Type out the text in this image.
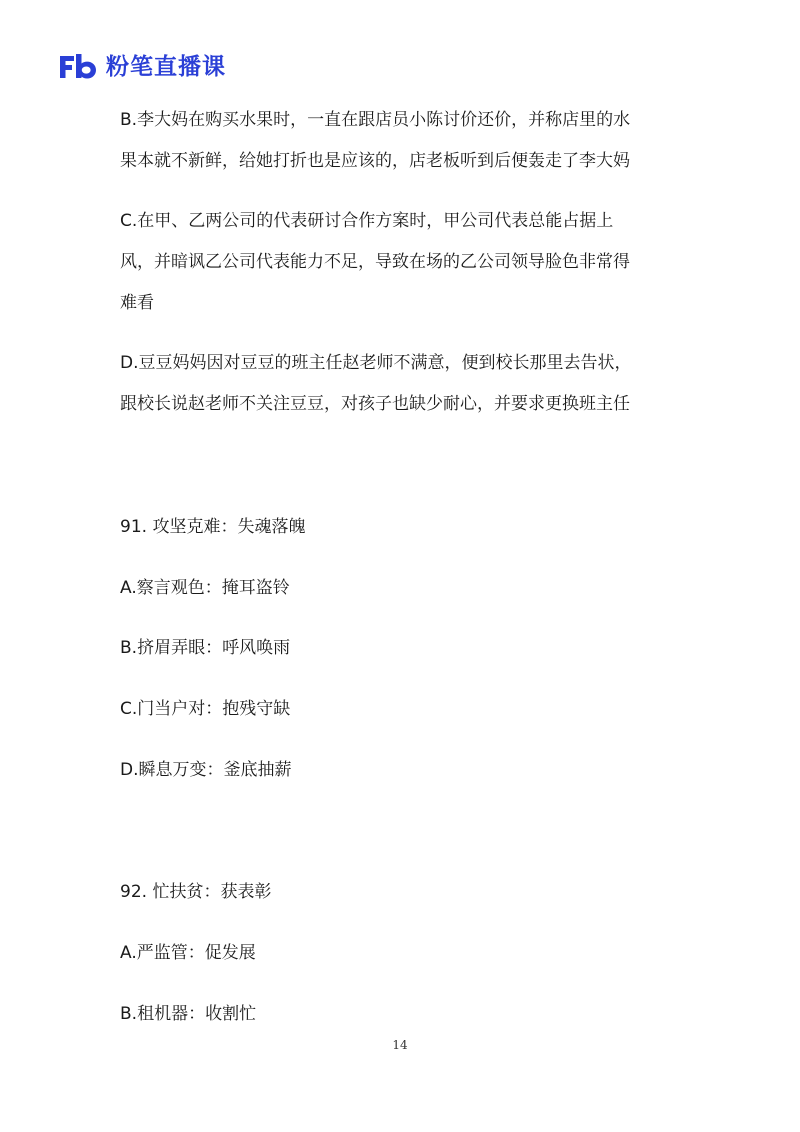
粉笔直播课
B.李大妈在购买水果时，一直在跟店员小陈讨价还价，并称店里的水
果本就不新鲜，给她打折也是应该的，店老板听到后便轰走了李大妈
C.在甲、乙两公司的代表研讨合作方案时，甲公司代表总能占据上
风，并暗讽乙公司代表能力不足，导致在场的乙公司领导脸色非常得
难看
D.豆豆妈妈因对豆豆的班主任赵老师不满意，便到校长那里去告状，
跟校长说赵老师不关注豆豆，对孩子也缺少耐心，并要求更换班主任
91. 攻坚克难：失魂落魄
A.察言观色：掩耳盗铃
B.挤眉弄眼：呼风唤雨
C.门当户对：抱残守缺
D.瞬息万变：釜底抽薪
92. 忙扶贫：获表彰
A.严监管：促发展
B.租机器：收割忙
14
